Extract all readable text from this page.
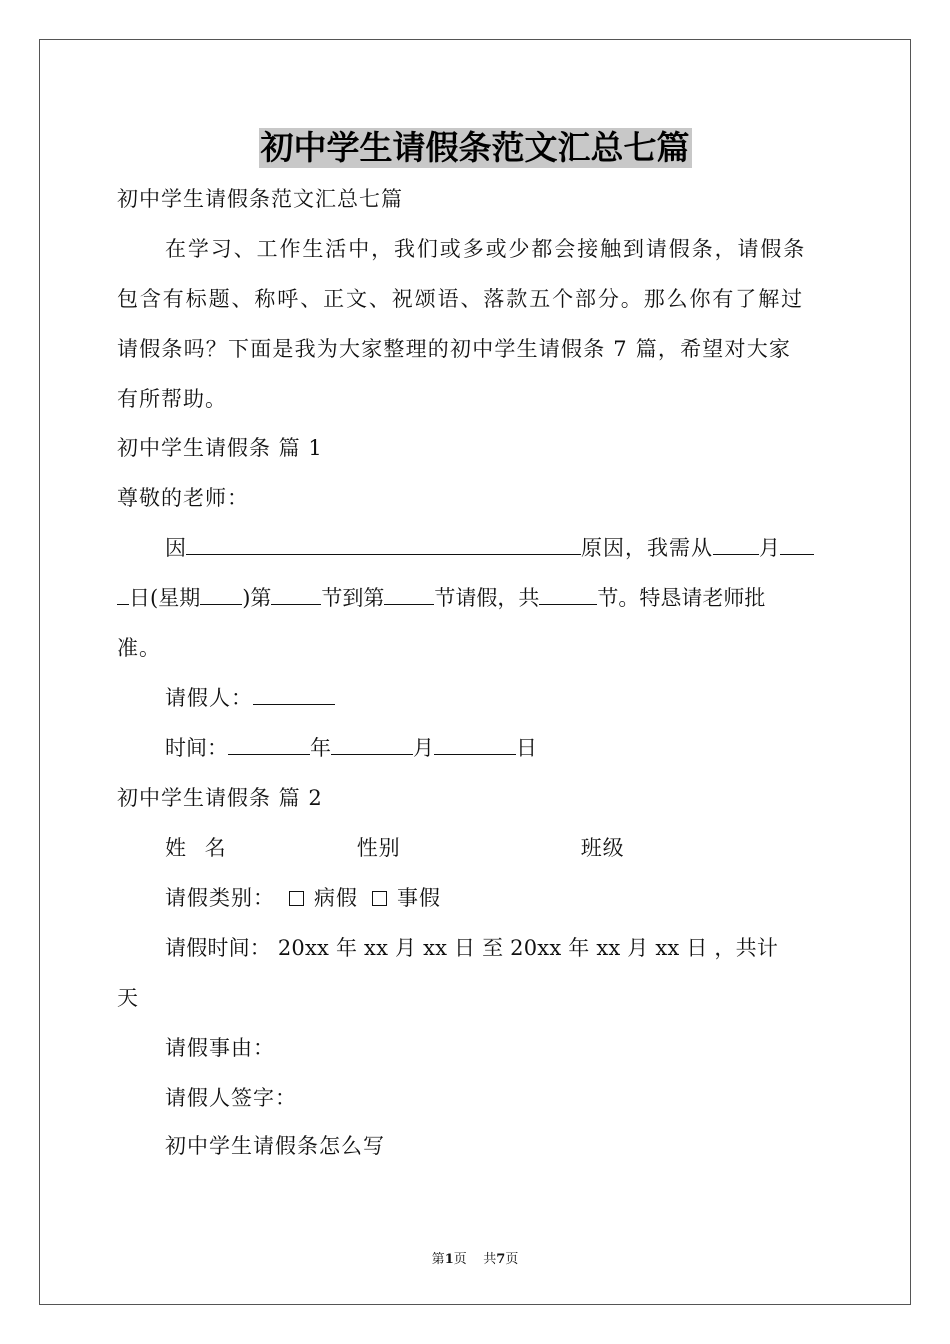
初中学生请假条范文汇总七篇
初中学生请假条范文汇总七篇
在学习、工作生活中，我们或多或少都会接触到请假条，请假条
包含有标题、称呼、正文、祝颂语、落款五个部分。那么你有了解过
请假条吗？下面是我为大家整理的初中学生请假条 7 篇，希望对大家
有所帮助。
初中学生请假条 篇 1
尊敬的老师：
因	原因，我需从 月
日(星期 )第 节到第 节请假，共	节。特恳请老师批
准。
请假人：
时间：	年	月	日
初中学生请假条 篇 2
姓 名	性别	班级
请假类别： 病假 事假
请假时间： 20xx 年 xx 月 xx 日 至 20xx 年 xx 月 xx 日 ，共计
天
请假事由：
请假人签字：
初中学生请假条怎么写
第1页    共7页
